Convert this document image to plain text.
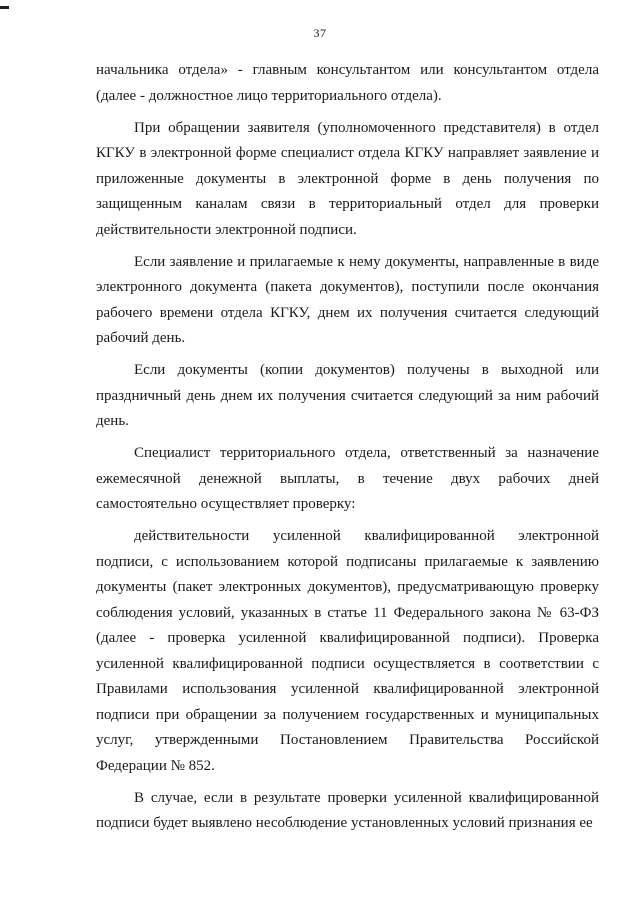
37

начальника отдела» - главным консультантом или консультантом отдела (далее - должностное лицо территориального отдела).

При обращении заявителя (уполномоченного представителя) в отдел КГКУ в электронной форме специалист отдела КГКУ направляет заявление и приложенные документы в электронной форме в день получения по защищенным каналам связи в территориальный отдел для проверки действительности электронной подписи.

Если заявление и прилагаемые к нему документы, направленные в виде электронного документа (пакета документов), поступили после окончания рабочего времени отдела КГКУ, днем их получения считается следующий рабочий день.

Если документы (копии документов) получены в выходной или праздничный день днем их получения считается следующий за ним рабочий день.

Специалист территориального отдела, ответственный за назначение ежемесячной денежной выплаты, в течение двух рабочих дней самостоятельно осуществляет проверку:

действительности усиленной квалифицированной электронной подписи, с использованием которой подписаны прилагаемые к заявлению документы (пакет электронных документов), предусматривающую проверку соблюдения условий, указанных в статье 11 Федерального закона № 63-ФЗ (далее - проверка усиленной квалифицированной подписи). Проверка усиленной квалифицированной подписи осуществляется в соответствии с Правилами использования усиленной квалифицированной электронной подписи при обращении за получением государственных и муниципальных услуг, утвержденными Постановлением Правительства Российской Федерации № 852.

В случае, если в результате проверки усиленной квалифицированной подписи будет выявлено несоблюдение установленных условий признания ее
